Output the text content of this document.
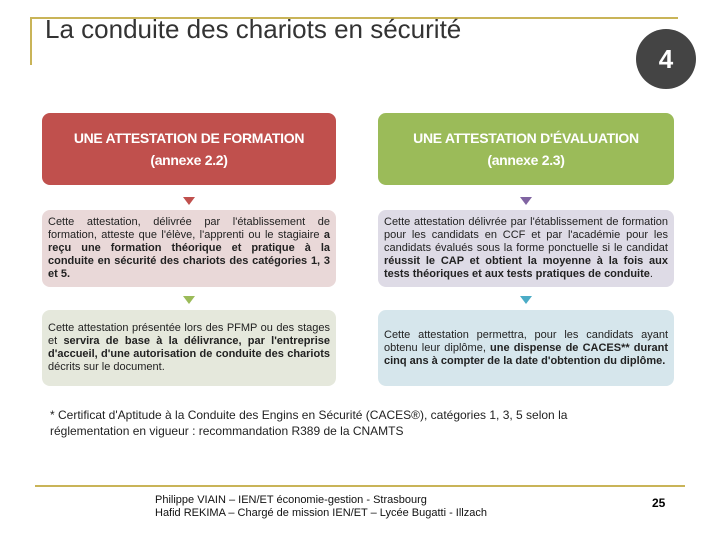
La conduite des chariots en sécurité
4
UNE ATTESTATION DE FORMATION
(annexe 2.2)
Cette attestation, délivrée par l'établissement de formation, atteste que l'élève, l'apprenti ou le stagiaire a reçu une formation théorique et pratique à la conduite en sécurité des chariots des catégories 1, 3 et 5.
Cette attestation présentée lors des PFMP ou des stages et servira de base à la délivrance, par l'entreprise d'accueil, d'une autorisation de conduite des chariots décrits sur le document.
UNE ATTESTATION D'ÉVALUATION
(annexe 2.3)
Cette attestation délivrée par l'établissement de formation pour les candidats en CCF et par l'académie pour les candidats évalués sous la forme ponctuelle si le candidat réussit le CAP et obtient la moyenne à la fois aux tests théoriques et aux tests pratiques de conduite.
Cette attestation permettra, pour les candidats ayant obtenu leur diplôme, une dispense de CACES** durant cinq ans à compter de la date d'obtention du diplôme.
* Certificat d'Aptitude à la Conduite des Engins en Sécurité (CACES®), catégories 1, 3, 5 selon la réglementation en vigueur : recommandation R389 de la CNAMTS
Philippe VIAIN – IEN/ET économie-gestion - Strasbourg
Hafid REKIMA – Chargé de mission IEN/ET – Lycée Bugatti - Illzach
25
